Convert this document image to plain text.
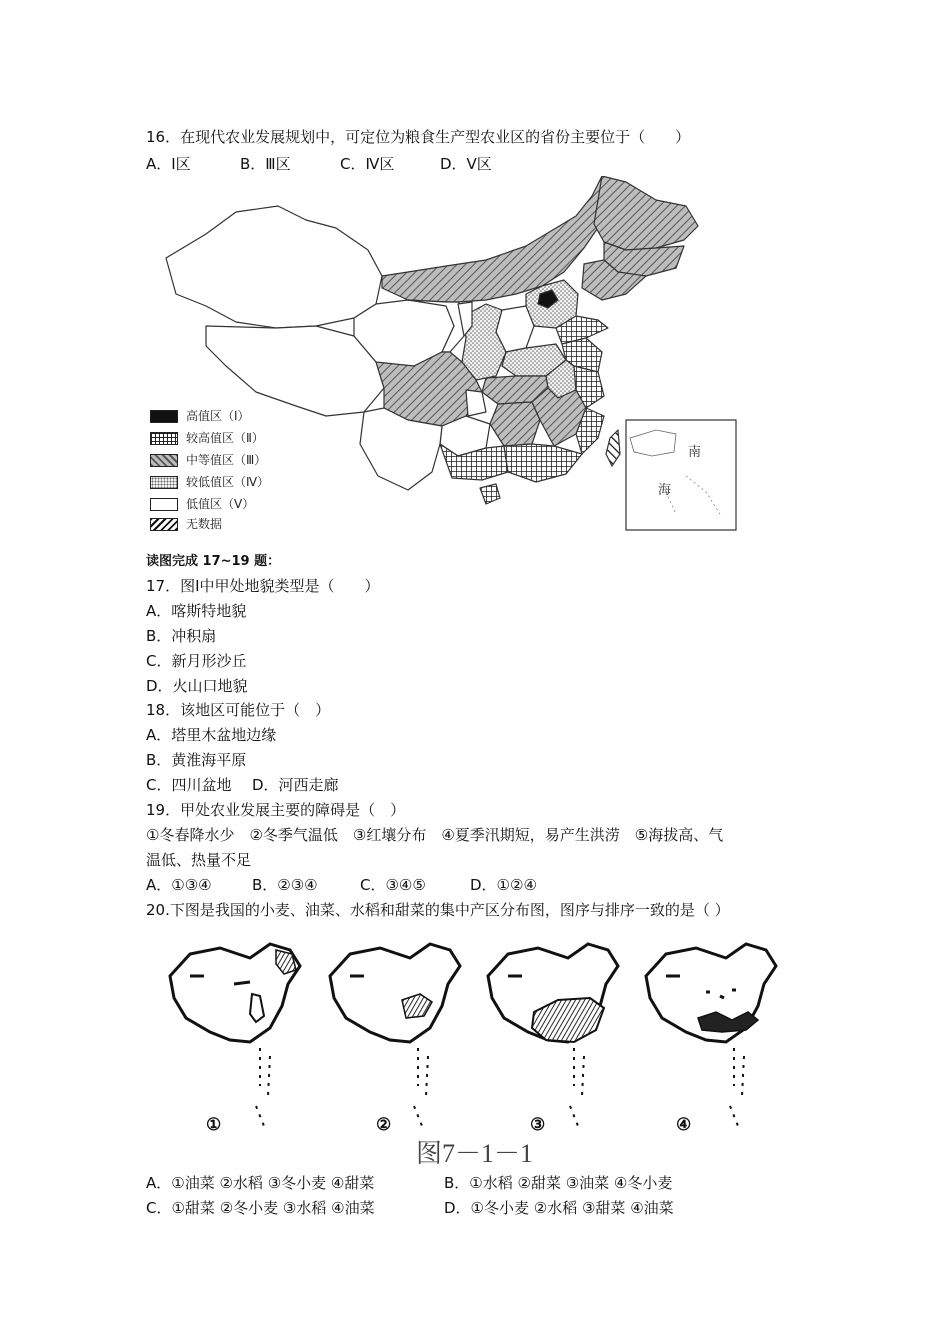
16．在现代农业发展规划中，可定位为粮食生产型农业区的省份主要位于（　　）
A．Ⅰ区	B．Ⅲ区	C．Ⅳ区	D．Ⅴ区
南
海
高值区（Ⅰ）
较高值区（Ⅱ）
中等值区（Ⅲ）
较低值区（Ⅳ）
低值区（Ⅴ）
无数据
读图完成 17~19 题：
17．图Ⅰ中甲处地貌类型是（　　）
A．喀斯特地貌
B．冲积扇
C．新月形沙丘
D．火山口地貌
18．该地区可能位于（　）
A．塔里木盆地边缘
B．黄淮海平原
C．四川盆地 D．河西走廊
19．甲处农业发展主要的障碍是（　）
①冬春降水少　②冬季气温低　③红壤分布　④夏季汛期短，易产生洪涝　⑤海拔高、气
温低、热量不足
A．①③④	B．②③④	C．③④⑤	D．①②④
20.下图是我国的小麦、油菜、水稻和甜菜的集中产区分布图，图序与排序一致的是（ ）
①	②	③	④
图7－1－1
A．①油菜 ②水稻 ③冬小麦 ④甜菜	B．①水稻 ②甜菜 ③油菜 ④冬小麦
C．①甜菜 ②冬小麦 ③水稻 ④油菜	D．①冬小麦 ②水稻 ③甜菜 ④油菜
